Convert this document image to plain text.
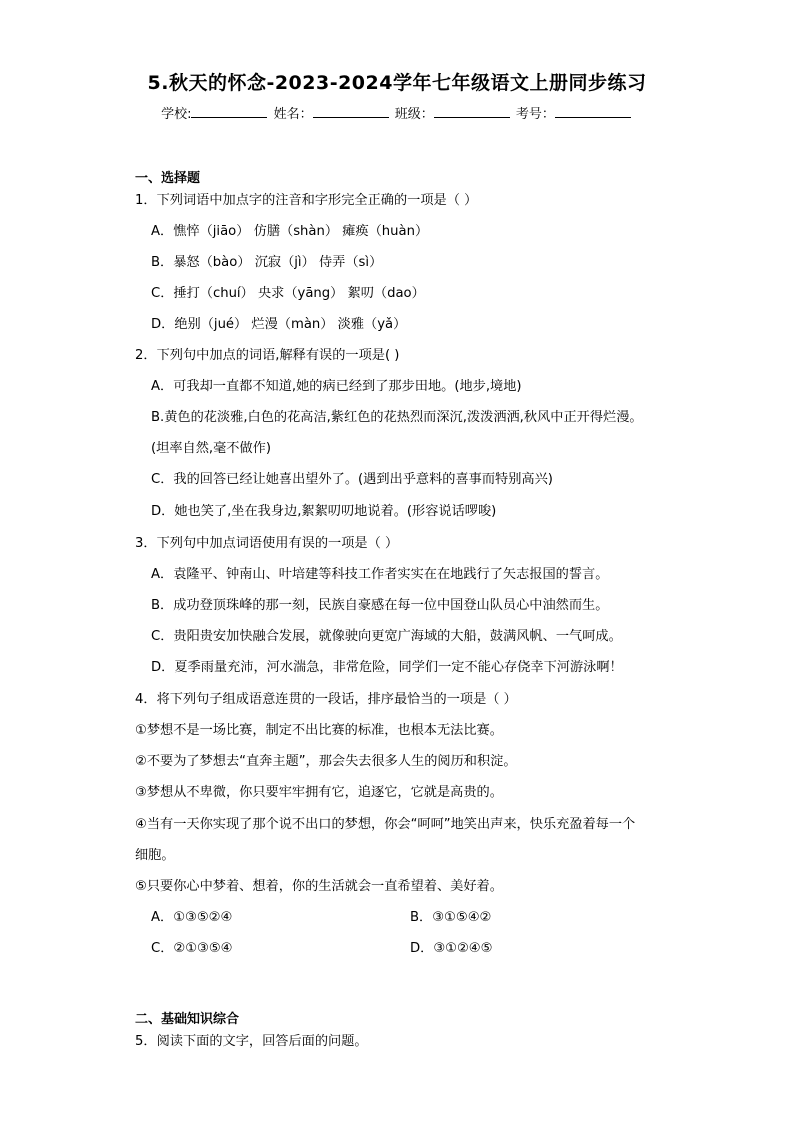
5.秋天的怀念-2023-2024学年七年级语文上册同步练习
学校:	姓名：	班级：	考号：
一、选择题
1．下列词语中加点字的注音和字形完全正确的一项是（ ）
A．憔悴（jiāo） 仿膳（shàn） 瘫痪（huàn）
B．暴怒（bào） 沉寂（jì） 侍弄（sì）
C．捶打（chuí） 央求（yāng） 絮叨（dao）
D．绝别（jué） 烂漫（màn） 淡雅（yǎ）
2．下列句中加点的词语,解释有误的一项是( )
A．可我却一直都不知道,她的病已经到了那步田地。(地步,境地)
B.黄色的花淡雅,白色的花高洁,紫红色的花热烈而深沉,泼泼洒洒,秋风中正开得烂漫。
(坦率自然,毫不做作)
C．我的回答已经让她喜出望外了。(遇到出乎意料的喜事而特别高兴)
D．她也笑了,坐在我身边,絮絮叨叨地说着。(形容说话啰唆)
3．下列句中加点词语使用有误的一项是（ ）
A．袁隆平、钟南山、叶培建等科技工作者实实在在地践行了矢志报国的誓言。
B．成功登顶珠峰的那一刻，民族自豪感在每一位中国登山队员心中油然而生。
C．贵阳贵安加快融合发展，就像驶向更宽广海域的大船，鼓满风帆、一气呵成。
D．夏季雨量充沛，河水湍急，非常危险，同学们一定不能心存侥幸下河游泳啊！
4．将下列句子组成语意连贯的一段话，排序最恰当的一项是（ ）
①梦想不是一场比赛，制定不出比赛的标准，也根本无法比赛。
②不要为了梦想去“直奔主题”，那会失去很多人生的阅历和积淀。
③梦想从不卑微，你只要牢牢拥有它，追逐它，它就是高贵的。
④当有一天你实现了那个说不出口的梦想，你会“呵呵”地笑出声来，快乐充盈着每一个
细胞。
⑤只要你心中梦着、想着，你的生活就会一直希望着、美好着。
A．①③⑤②④	B．③①⑤④②
C．②①③⑤④	D．③①②④⑤
二、基础知识综合
5．阅读下面的文字，回答后面的问题。
